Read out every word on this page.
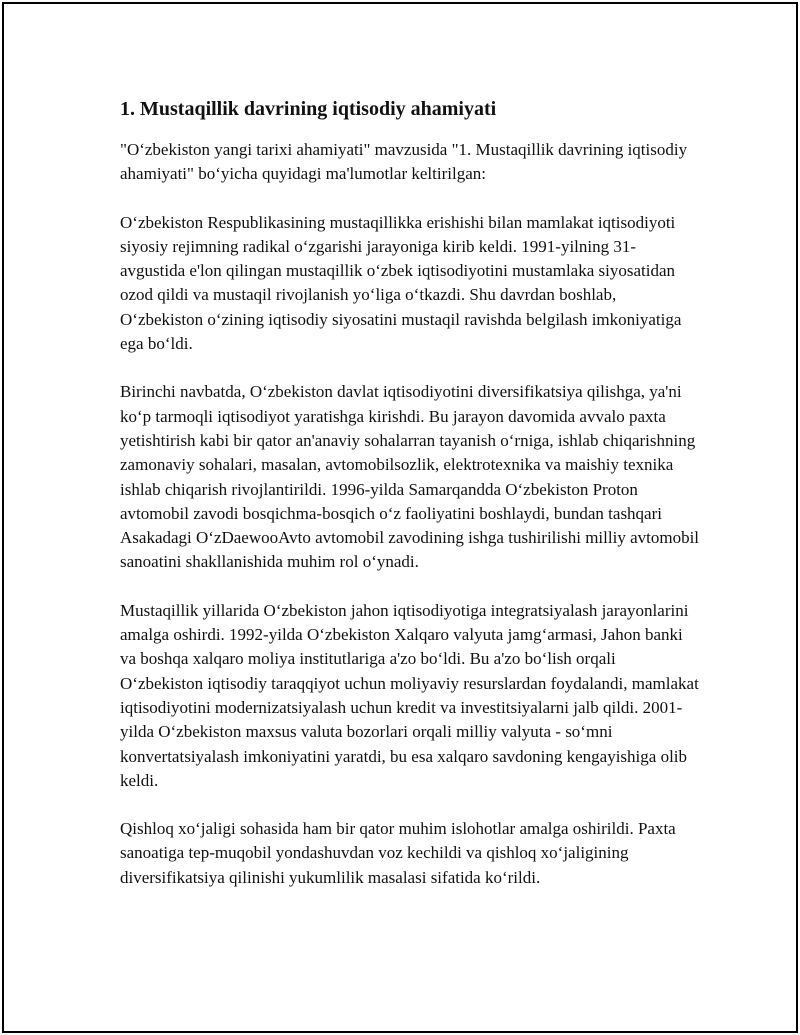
1. Mustaqillik davrining iqtisodiy ahamiyati

"O‘zbekiston yangi tarixi ahamiyati" mavzusida "1. Mustaqillik davrining iqtisodiy ahamiyati" bo‘yicha quyidagi ma'lumotlar keltirilgan:

O‘zbekiston Respublikasining mustaqillikka erishishi bilan mamlakat iqtisodiyoti siyosiy rejimning radikal o‘zgarishi jarayoniga kirib keldi. 1991-yilning 31-avgustida e'lon qilingan mustaqillik o‘zbek iqtisodiyotini mustamlaka siyosatidan ozod qildi va mustaqil rivojlanish yo‘liga o‘tkazdi. Shu davrdan boshlab, O‘zbekiston o‘zining iqtisodiy siyosatini mustaqil ravishda belgilash imkoniyatiga ega bo‘ldi.

Birinchi navbatda, O‘zbekiston davlat iqtisodiyotini diversifikatsiya qilishga, ya'ni ko‘p tarmoqli iqtisodiyot yaratishga kirishdi. Bu jarayon davomida avvalo paxta yetishtirish kabi bir qator an'anaviy sohalarran tayanish o‘rniga, ishlab chiqarishning zamonaviy sohalari, masalan, avtomobilsozlik, elektrotexnika va maishiy texnika ishlab chiqarish rivojlantirildi. 1996-yilda Samarqandda O‘zbekiston Proton avtomobil zavodi bosqichma-bosqich o‘z faoliyatini boshlaydi, bundan tashqari Asakadagi O‘zDaewooAvto avtomobil zavodining ishga tushirilishi milliy avtomobil sanoatini shakllanishida muhim rol o‘ynadi.

Mustaqillik yillarida O‘zbekiston jahon iqtisodiyotiga integratsiyalash jarayonlarini amalga oshirdi. 1992-yilda O‘zbekiston Xalqaro valyuta jamg‘armasi, Jahon banki va boshqa xalqaro moliya institutlariga a'zo bo‘ldi. Bu a'zo bo‘lish orqali O‘zbekiston iqtisodiy taraqqiyot uchun moliyaviy resurslardan foydalandi, mamlakat iqtisodiyotini modernizatsiyalash uchun kredit va investitsiyalarni jalb qildi. 2001-yilda O‘zbekiston maxsus valuta bozorlari orqali milliy valyuta - so‘mni konvertatsiyalash imkoniyatini yaratdi, bu esa xalqaro savdoning kengayishiga olib keldi.

Qishloq xo‘jaligi sohasida ham bir qator muhim islohotlar amalga oshirildi. Paxta sanoatiga tep-muqobil yondashuvdan voz kechildi va qishloq xo‘jaligining diversifikatsiya qilinishi yukumlilik masalasi sifatida ko‘rildi.
